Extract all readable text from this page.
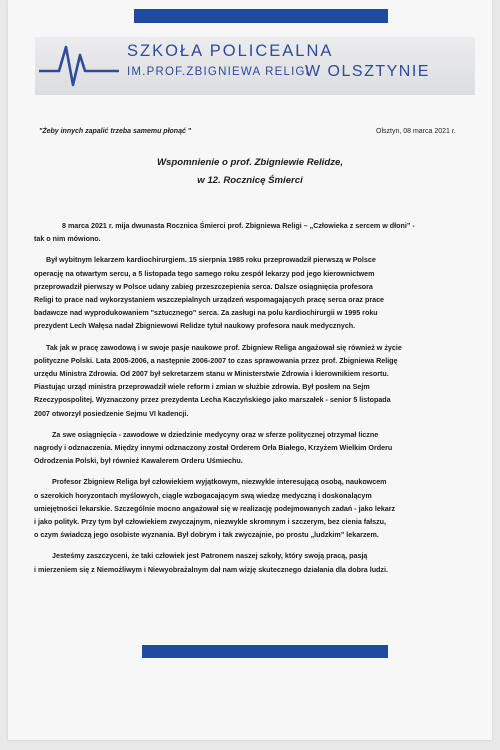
SZKOŁA POLICEALNA
IM.PROF.ZBIGNIEWA RELIGI
W OLSZTYNIE
"Żeby innych zapalić trzeba samemu płonąć "	Olsztyn, 08 marca 2021 r.
Wspomnienie o prof. Zbigniewie Relidze,
w 12. Rocznicę Śmierci

8 marca 2021 r. mija dwunasta Rocznica Śmierci prof. Zbigniewa Religi – „Człowieka z sercem w dłoni” -
tak o nim mówiono.

Był wybitnym lekarzem kardiochirurgiem. 15 sierpnia 1985 roku przeprowadził pierwszą w Polsce
operację na otwartym sercu, a 5 listopada tego samego roku zespół lekarzy pod jego kierownictwem
przeprowadził pierwszy w Polsce udany zabieg przeszczepienia serca. Dalsze osiągnięcia profesora
Religi to prace nad wykorzystaniem wszczepialnych urządzeń wspomagających pracę serca oraz prace
badawcze nad wyprodukowaniem "sztucznego" serca. Za zasługi na polu kardiochirurgii w 1995 roku
prezydent Lech Wałęsa nadał Zbigniewowi Relidze tytuł naukowy profesora nauk medycznych.

Tak jak w pracę zawodową i w swoje pasje naukowe prof. Zbigniew Religa angażował się również w życie
polityczne Polski. Lata 2005-2006, a następnie 2006-2007 to czas sprawowania przez prof. Zbigniewa Religę
urzędu Ministra Zdrowia. Od 2007 był sekretarzem stanu w Ministerstwie Zdrowia i kierownikiem resortu.
Piastując urząd ministra przeprowadził wiele reform i zmian w służbie zdrowia. Był posłem na Sejm
Rzeczypospolitej. Wyznaczony przez prezydenta Lecha Kaczyńskiego jako marszałek - senior 5 listopada
2007 otworzył posiedzenie Sejmu VI kadencji.

Za swe osiągnięcia - zawodowe w dziedzinie medycyny oraz w sferze politycznej otrzymał liczne
nagrody i odznaczenia. Między innymi odznaczony został Orderem Orła Białego, Krzyżem Wielkim Orderu
Odrodzenia Polski, był również Kawalerem Orderu Uśmiechu.

Profesor Zbigniew Religa był człowiekiem wyjątkowym, niezwykle interesującą osobą, naukowcem
o szerokich horyzontach myślowych, ciągle wzbogacającym swą wiedzę medyczną i doskonalącym
umiejętności lekarskie. Szczególnie mocno angażował się w realizację podejmowanych zadań - jako lekarz
i jako polityk. Przy tym był człowiekiem zwyczajnym, niezwykle skromnym i szczerym, bez cienia fałszu,
o czym świadczą jego osobiste wyznania. Był dobrym i tak zwyczajnie, po prostu „ludzkim” lekarzem.

Jesteśmy zaszczyceni, że taki człowiek jest Patronem naszej szkoły, który swoją pracą, pasją
i mierzeniem się z Niemożliwym i Niewyobrażalnym dał nam wizję skutecznego działania dla dobra ludzi.
